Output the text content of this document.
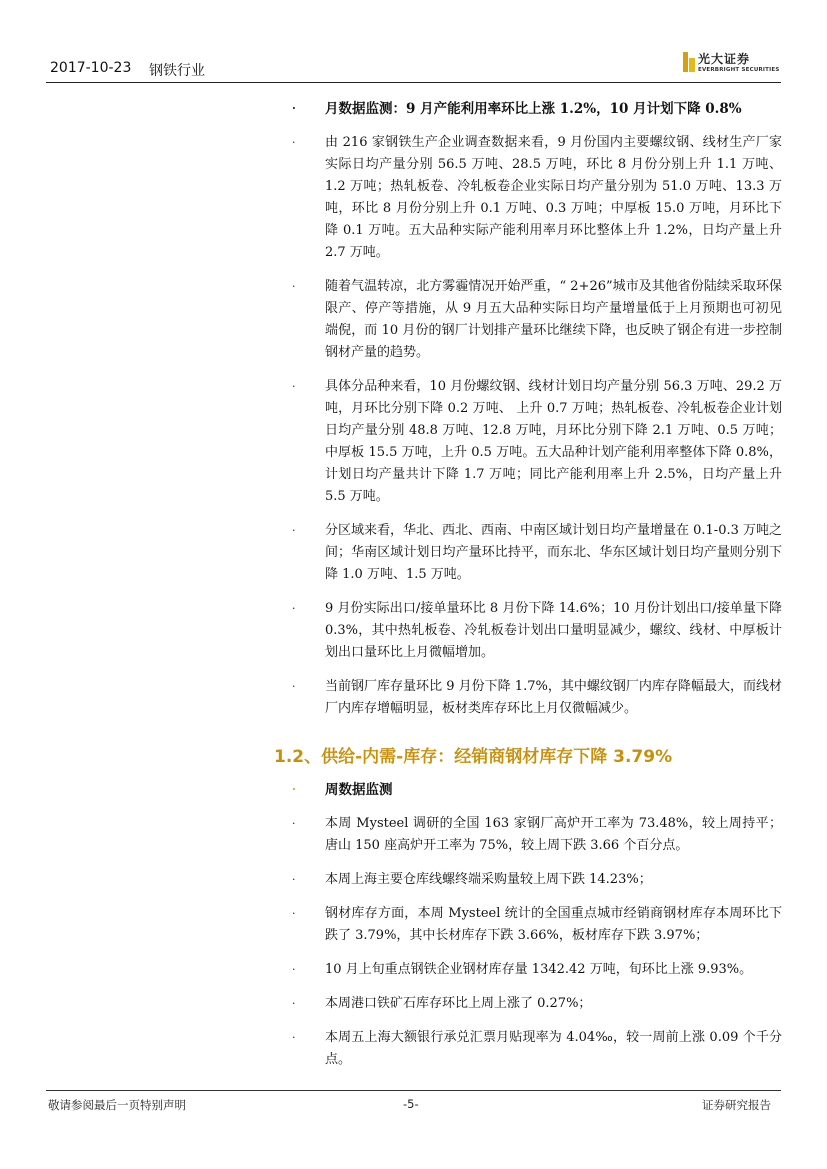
2017-10-23 钢铁行业
光大证券
EVERBRIGHT SECURITIES
· 月数据监测：9 月产能利用率环比上涨 1.2%，10 月计划下降 0.8%
· 由 216 家钢铁生产企业调查数据来看，9 月份国内主要螺纹钢、线材生产厂家实际日均产量分别 56.5 万吨、28.5 万吨，环比 8 月份分别上升 1.1 万吨、1.2 万吨；热轧板卷、冷轧板卷企业实际日均产量分别为 51.0 万吨、13.3 万吨，环比 8 月份分别上升 0.1 万吨、0.3 万吨；中厚板 15.0 万吨，月环比下降 0.1 万吨。五大品种实际产能利用率月环比整体上升 1.2%，日均产量上升 2.7 万吨。
· 随着气温转凉，北方雾霾情况开始严重，“ 2+26”城市及其他省份陆续采取环保限产、停产等措施，从 9 月五大品种实际日均产量增量低于上月预期也可初见端倪，而 10 月份的钢厂计划排产量环比继续下降，也反映了钢企有进一步控制钢材产量的趋势。
· 具体分品种来看，10 月份螺纹钢、线材计划日均产量分别 56.3 万吨、29.2 万吨，月环比分别下降 0.2 万吨、 上升 0.7 万吨；热轧板卷、冷轧板卷企业计划日均产量分别 48.8 万吨、12.8 万吨，月环比分别下降 2.1 万吨、0.5 万吨；中厚板 15.5 万吨，上升 0.5 万吨。五大品种计划产能利用率整体下降 0.8%，计划日均产量共计下降 1.7 万吨；同比产能利用率上升 2.5%，日均产量上升 5.5 万吨。
· 分区域来看，华北、西北、西南、中南区域计划日均产量增量在 0.1-0.3 万吨之间；华南区域计划日均产量环比持平，而东北、华东区域计划日均产量则分别下降 1.0 万吨、1.5 万吨。
· 9 月份实际出口/接单量环比 8 月份下降 14.6%；10 月份计划出口/接单量下降 0.3%，其中热轧板卷、冷轧板卷计划出口量明显减少，螺纹、线材、中厚板计划出口量环比上月微幅增加。
· 当前钢厂库存量环比 9 月份下降 1.7%，其中螺纹钢厂内库存降幅最大，而线材厂内库存增幅明显，板材类库存环比上月仅微幅减少。
1.2、供给-内需-库存：经销商钢材库存下降 3.79%
· 周数据监测
· 本周 Mysteel 调研的全国 163 家钢厂高炉开工率为 73.48%，较上周持平；唐山 150 座高炉开工率为 75%，较上周下跌 3.66 个百分点。
· 本周上海主要仓库线螺终端采购量较上周下跌 14.23%；
· 钢材库存方面，本周 Mysteel 统计的全国重点城市经销商钢材库存本周环比下跌了 3.79%，其中长材库存下跌 3.66%，板材库存下跌 3.97%；
· 10 月上旬重点钢铁企业钢材库存量 1342.42 万吨，旬环比上涨 9.93%。
· 本周港口铁矿石库存环比上周上涨了 0.27%；
· 本周五上海大额银行承兑汇票月贴现率为 4.04‰，较一周前上涨 0.09 个千分点。
敬请参阅最后一页特别声明	-5-	证券研究报告
